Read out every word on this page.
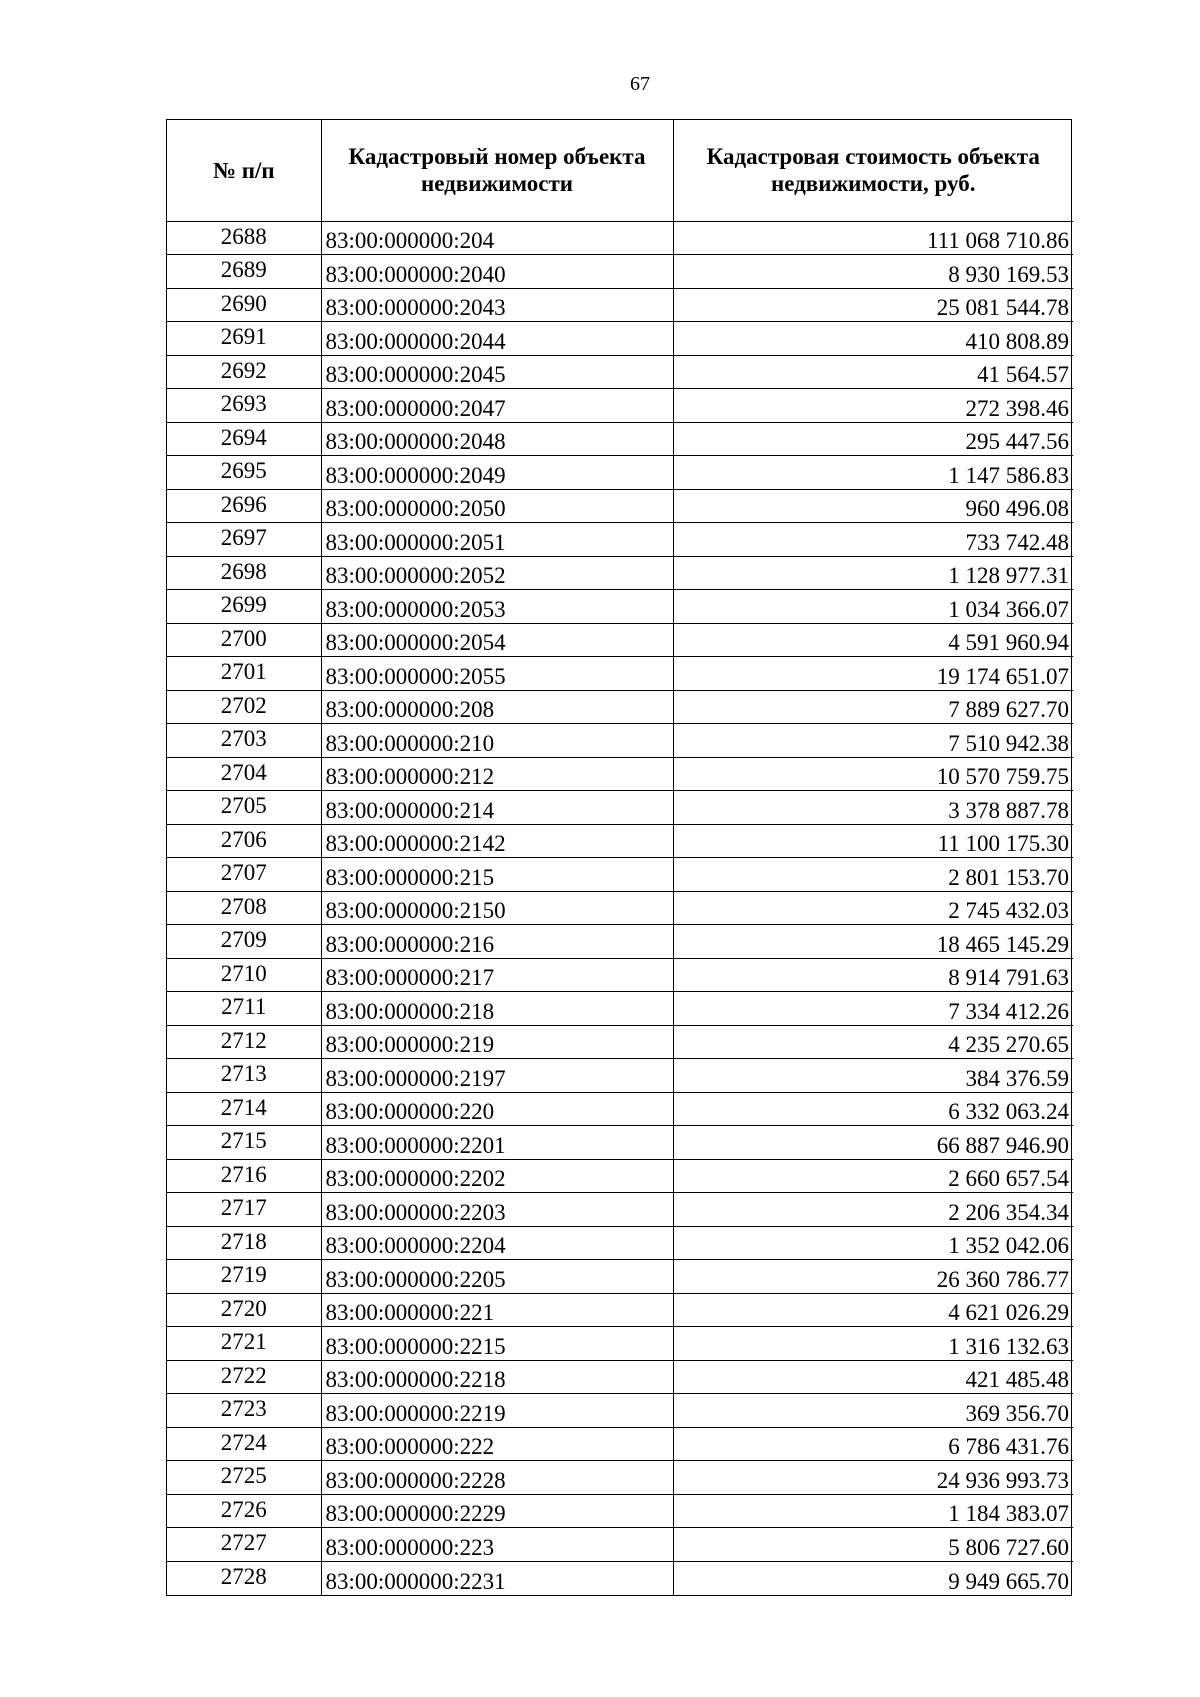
67
№ п/п	Кадастровый номер объекта недвижимости	Кадастровая стоимость объекта недвижимости, руб.
2688	83:00:000000:204	111 068 710.86
2689	83:00:000000:2040	8 930 169.53
2690	83:00:000000:2043	25 081 544.78
2691	83:00:000000:2044	410 808.89
2692	83:00:000000:2045	41 564.57
2693	83:00:000000:2047	272 398.46
2694	83:00:000000:2048	295 447.56
2695	83:00:000000:2049	1 147 586.83
2696	83:00:000000:2050	960 496.08
2697	83:00:000000:2051	733 742.48
2698	83:00:000000:2052	1 128 977.31
2699	83:00:000000:2053	1 034 366.07
2700	83:00:000000:2054	4 591 960.94
2701	83:00:000000:2055	19 174 651.07
2702	83:00:000000:208	7 889 627.70
2703	83:00:000000:210	7 510 942.38
2704	83:00:000000:212	10 570 759.75
2705	83:00:000000:214	3 378 887.78
2706	83:00:000000:2142	11 100 175.30
2707	83:00:000000:215	2 801 153.70
2708	83:00:000000:2150	2 745 432.03
2709	83:00:000000:216	18 465 145.29
2710	83:00:000000:217	8 914 791.63
2711	83:00:000000:218	7 334 412.26
2712	83:00:000000:219	4 235 270.65
2713	83:00:000000:2197	384 376.59
2714	83:00:000000:220	6 332 063.24
2715	83:00:000000:2201	66 887 946.90
2716	83:00:000000:2202	2 660 657.54
2717	83:00:000000:2203	2 206 354.34
2718	83:00:000000:2204	1 352 042.06
2719	83:00:000000:2205	26 360 786.77
2720	83:00:000000:221	4 621 026.29
2721	83:00:000000:2215	1 316 132.63
2722	83:00:000000:2218	421 485.48
2723	83:00:000000:2219	369 356.70
2724	83:00:000000:222	6 786 431.76
2725	83:00:000000:2228	24 936 993.73
2726	83:00:000000:2229	1 184 383.07
2727	83:00:000000:223	5 806 727.60
2728	83:00:000000:2231	9 949 665.70
